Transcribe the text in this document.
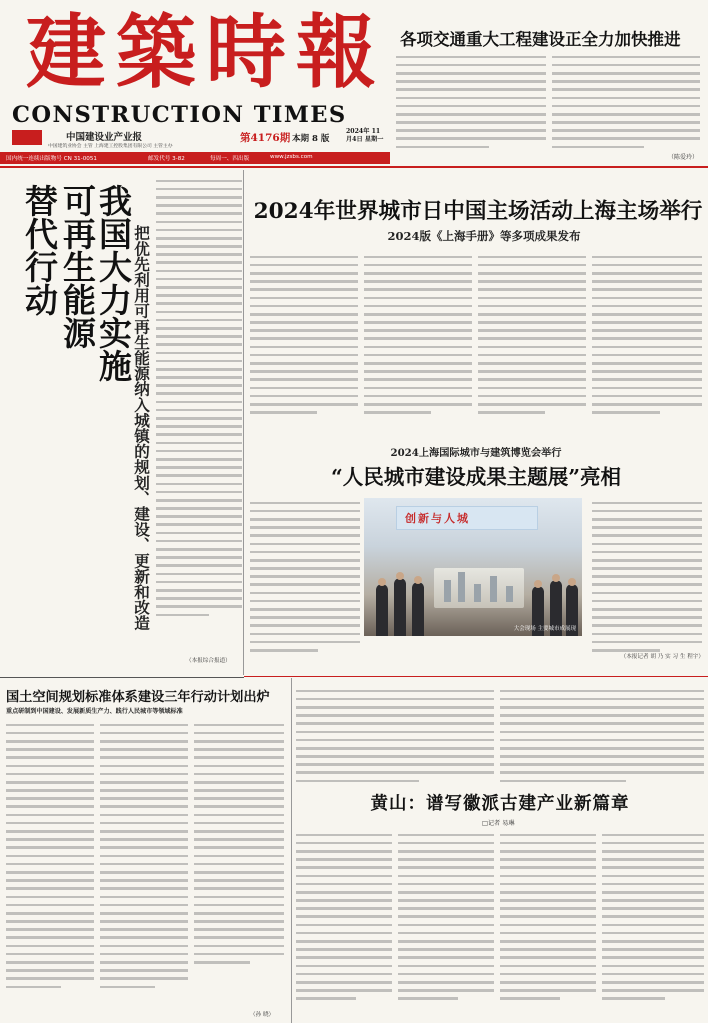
建 築 時 報
CONSTRUCTION TIMES
中国建设业产业报
中国建筑业协会 主管 上海建工控股集团有限公司 主管主办
第4176期 本期 8 版
2024年 11月4日 星期一
国内统一连续出版物号 CN 31-0051	邮发代号 3-82	每周一、四出版	www.jzsbs.com
各项交通重大工程建设正全力加快推进
（陈爱玲）
我国大力实施
可再生能源
替代行动	把优先利用可再生能源纳入城镇的规划、建设、更新和改造
（本报综合报道）
2024年世界城市日中国主场活动上海主场举行
2024版《上海手册》等多项成果发布
2024上海国际城市与建筑博览会举行
“人民城市建设成果主题展”亮相
创新与人城
大会现场 主要城市成展现
（本报记者 胡 乃 实 习 生 程宇）
国土空间规划标准体系建设三年行动计划出炉
重点研制到中国建设、发展新质生产力、践行人民城市等领域标准
（孙 晓）
黄山：谱写徽派古建产业新篇章
□记者 易琳
